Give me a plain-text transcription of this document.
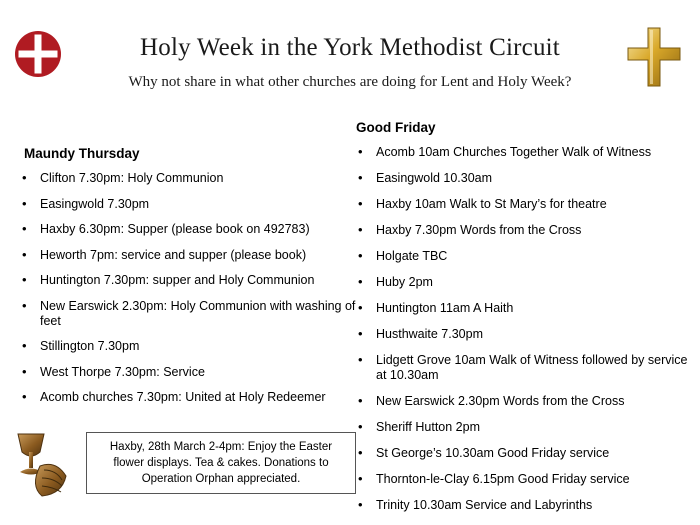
Holy Week in the York Methodist Circuit
Why not share in what other churches are doing for Lent and Holy Week?
Maundy Thursday
• Clifton 7.30pm: Holy Communion
• Easingwold 7.30pm
• Haxby 6.30pm: Supper (please book on 492783)
• Heworth 7pm: service and supper (please book)
• Huntington 7.30pm: supper and Holy Communion
• New Earswick 2.30pm: Holy Communion with washing of feet
• Stillington 7.30pm
• West Thorpe 7.30pm: Service
• Acomb churches 7.30pm: United at Holy Redeemer
Good Friday
• Acomb 10am Churches Together Walk of Witness
• Easingwold 10.30am
• Haxby 10am Walk to St Mary’s for theatre
• Haxby 7.30pm Words from the Cross
• Holgate TBC
• Huby 2pm
• Huntington 11am A Haith
• Husthwaite 7.30pm
• Lidgett Grove 10am Walk of Witness followed by service at 10.30am
• New Earswick 2.30pm Words from the Cross
• Sheriff Hutton 2pm
• St George’s 10.30am Good Friday service
• Thornton-le-Clay 6.15pm Good Friday service
• Trinity 10.30am Service and Labyrinths
Haxby, 28th March 2-4pm: Enjoy the Easter flower displays. Tea & cakes. Donations to Operation Orphan appreciated.
